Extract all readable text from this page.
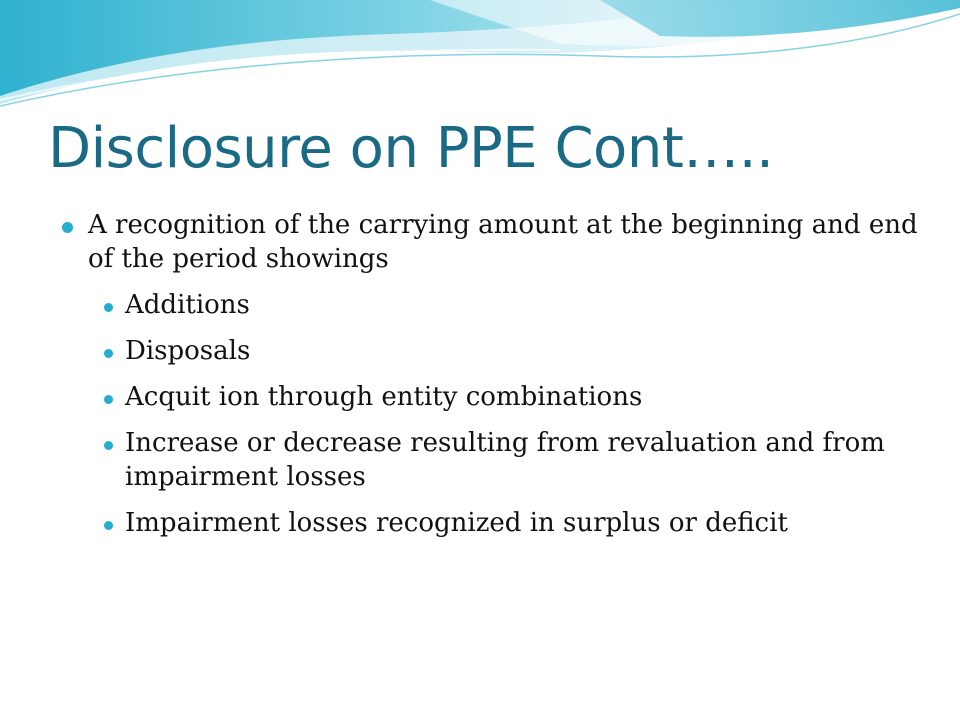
Disclosure on PPE Cont…..
A recognition of the carrying amount at the beginning and end of the period showings
Additions
Disposals
Acquit ion through entity combinations
Increase or decrease resulting from revaluation and from impairment losses
Impairment losses recognized in surplus or deficit
